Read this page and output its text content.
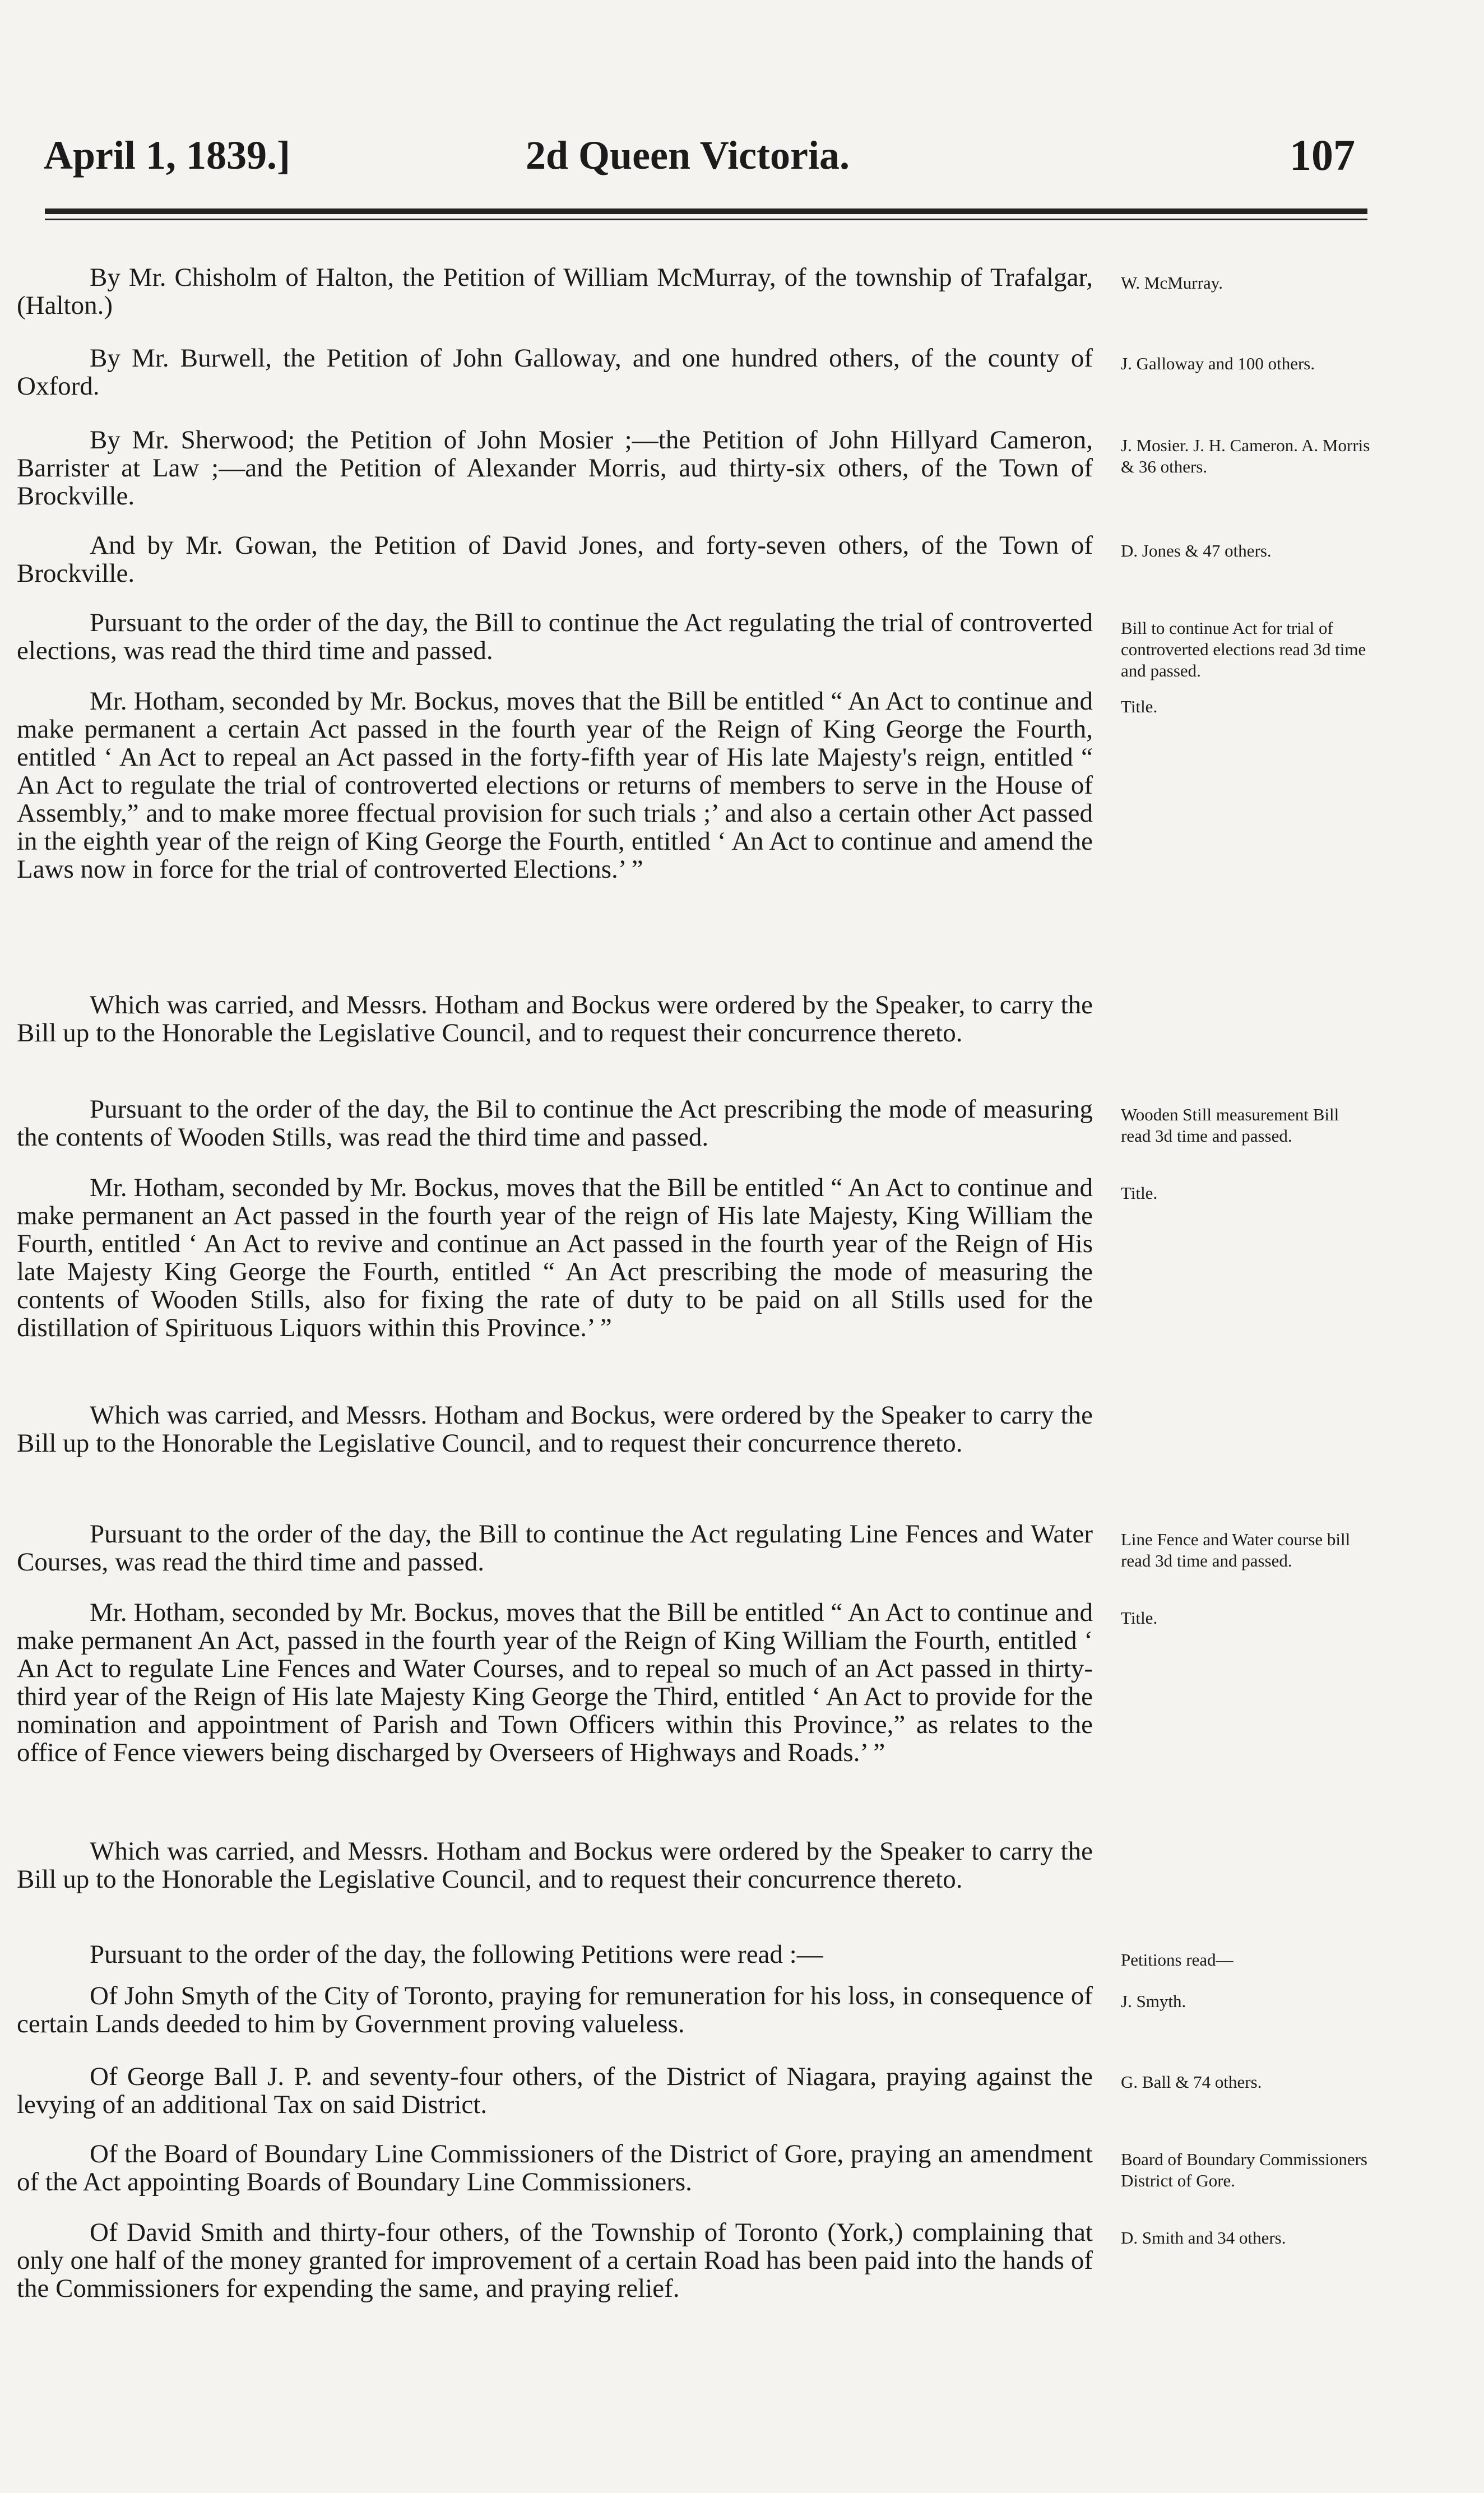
April 1, 1839.]	2d Queen Victoria.	107

By Mr. Chisholm of Halton, the Petition of William McMurray, of the township of Trafalgar, (Halton.)

W. McMurray.

By Mr. Burwell, the Petition of John Galloway, and one hundred others, of the county of Oxford.

J. Galloway and 100 others.

By Mr. Sherwood; the Petition of John Mosier ;—the Petition of John Hillyard Cameron, Barrister at Law ;—and the Petition of Alexander Morris, aud thirty-six others, of the Town of Brockville.

J. Mosier. J. H. Cameron. A. Morris & 36 others.

And by Mr. Gowan, the Petition of David Jones, and forty-seven others, of the Town of Brockville.

D. Jones & 47 others.

Pursuant to the order of the day, the Bill to continue the Act regulating the trial of controverted elections, was read the third time and passed.

Bill to continue Act for trial of controverted elections read 3d time and passed.

Mr. Hotham, seconded by Mr. Bockus, moves that the Bill be entitled “ An Act to continue and make permanent a certain Act passed in the fourth year of the Reign of King George the Fourth, entitled ‘ An Act to repeal an Act passed in the forty-fifth year of His late Majesty's reign, entitled “ An Act to regulate the trial of controverted elections or returns of members to serve in the House of Assembly,” and to make moree ffectual provision for such trials ;’ and also a certain other Act passed in the eighth year of the reign of King George the Fourth, entitled ‘ An Act to continue and amend the Laws now in force for the trial of controverted Elections.’ ”

Title.

Which was carried, and Messrs. Hotham and Bockus were ordered by the Speaker, to carry the Bill up to the Honorable the Legislative Council, and to request their concurrence thereto.

Pursuant to the order of the day, the Bil to continue the Act prescribing the mode of measuring the contents of Wooden Stills, was read the third time and passed.

Wooden Still measurement Bill read 3d time and passed.

Mr. Hotham, seconded by Mr. Bockus, moves that the Bill be entitled “ An Act to continue and make permanent an Act passed in the fourth year of the reign of His late Majesty, King William the Fourth, entitled ‘ An Act to revive and continue an Act passed in the fourth year of the Reign of His late Majesty King George the Fourth, entitled “ An Act prescribing the mode of measuring the contents of Wooden Stills, also for fixing the rate of duty to be paid on all Stills used for the distillation of Spirituous Liquors within this Province.’ ”

Title.

Which was carried, and Messrs. Hotham and Bockus, were ordered by the Speaker to carry the Bill up to the Honorable the Legislative Council, and to request their concurrence thereto.

Pursuant to the order of the day, the Bill to continue the Act regulating Line Fences and Water Courses, was read the third time and passed.

Line Fence and Water course bill read 3d time and passed.

Mr. Hotham, seconded by Mr. Bockus, moves that the Bill be entitled “ An Act to continue and make permanent An Act, passed in the fourth year of the Reign of King William the Fourth, entitled ‘ An Act to regulate Line Fences and Water Courses, and to repeal so much of an Act passed in thirty-third year of the Reign of His late Majesty King George the Third, entitled ‘ An Act to provide for the nomination and appointment of Parish and Town Officers within this Province,” as relates to the office of Fence viewers being discharged by Overseers of Highways and Roads.’ ”

Title.

Which was carried, and Messrs. Hotham and Bockus were ordered by the Speaker to carry the Bill up to the Honorable the Legislative Council, and to request their concurrence thereto.

Pursuant to the order of the day, the following Petitions were read :—	Petitions read—

Of John Smyth of the City of Toronto, praying for remuneration for his loss, in consequence of certain Lands deeded to him by Government proving valueless.

J. Smyth.

Of George Ball J. P. and seventy-four others, of the District of Niagara, praying against the levying of an additional Tax on said District.

G. Ball & 74 others.

Of the Board of Boundary Line Commissioners of the District of Gore, praying an amendment of the Act appointing Boards of Boundary Line Commissioners.

Board of Boundary Commissioners District of Gore.

Of David Smith and thirty-four others, of the Township of Toronto (York,) complaining that only one half of the money granted for improvement of a certain Road has been paid into the hands of the Commissioners for expending the same, and praying relief.

D. Smith and 34 others.
